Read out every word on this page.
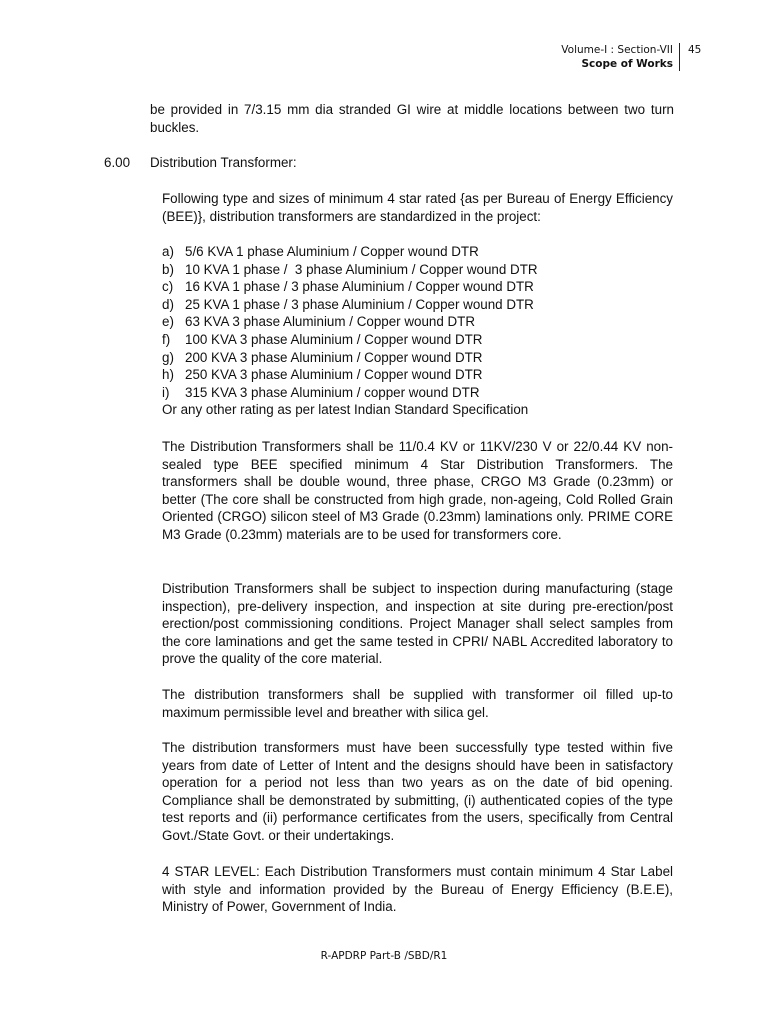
Volume-I : Section-VII
Scope of Works
45
be provided in 7/3.15 mm dia stranded GI wire at middle locations between two turn buckles.
6.00 Distribution Transformer:
Following type and sizes of minimum 4 star rated {as per Bureau of Energy Efficiency (BEE)}, distribution transformers are standardized in the project:
a) 5/6 KVA 1 phase Aluminium / Copper wound DTR
b) 10 KVA 1 phase /  3 phase Aluminium / Copper wound DTR
c) 16 KVA 1 phase / 3 phase Aluminium / Copper wound DTR
d) 25 KVA 1 phase / 3 phase Aluminium / Copper wound DTR
e) 63 KVA 3 phase Aluminium / Copper wound DTR
f)	100 KVA 3 phase Aluminium / Copper wound DTR
g) 200 KVA 3 phase Aluminium / Copper wound DTR
h) 250 KVA 3 phase Aluminium / Copper wound DTR
i)	315 KVA 3 phase Aluminium / copper wound DTR
Or any other rating as per latest Indian Standard Specification
The Distribution Transformers shall be 11/0.4 KV or 11KV/230 V or 22/0.44 KV non-sealed type BEE specified minimum 4 Star Distribution Transformers. The transformers shall be double wound, three phase, CRGO M3 Grade (0.23mm) or better (The core shall be constructed from high grade, non-ageing, Cold Rolled Grain Oriented (CRGO) silicon steel of M3 Grade (0.23mm) laminations only. PRIME CORE M3 Grade (0.23mm) materials are to be used for transformers core.
Distribution Transformers shall be subject to inspection during manufacturing (stage inspection), pre-delivery inspection, and inspection at site during pre-erection/post erection/post commissioning conditions. Project Manager shall select samples from the core laminations and get the same tested in CPRI/ NABL Accredited laboratory to prove the quality of the core material.
The distribution transformers shall be supplied with transformer oil filled up-to maximum permissible level and breather with silica gel.
The distribution transformers must have been successfully type tested within five years from date of Letter of Intent and the designs should have been in satisfactory operation for a period not less than two years as on the date of bid opening. Compliance shall be demonstrated by submitting, (i) authenticated copies of the type test reports and (ii) performance certificates from the users, specifically from Central Govt./State Govt. or their undertakings.
4 STAR LEVEL: Each Distribution Transformers must contain minimum 4 Star Label with style and information provided by the Bureau of Energy Efficiency (B.E.E), Ministry of Power, Government of India.
R-APDRP Part-B /SBD/R1
